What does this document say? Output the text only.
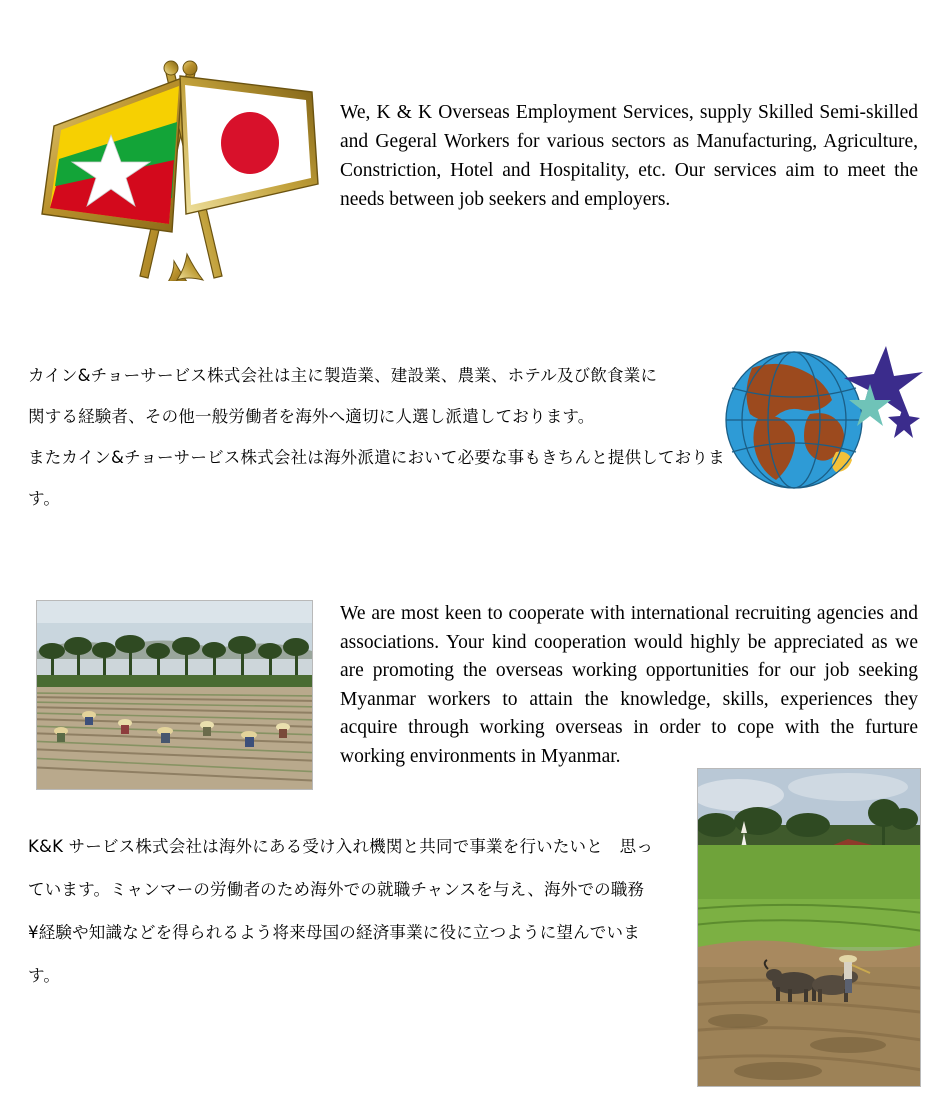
We, K & K Overseas Employment Services, supply Skilled Semi-skilled and Gegeral Workers for various sectors as Manufacturing, Agriculture, Constriction, Hotel and Hospitality, etc. Our services aim to meet the needs between job seekers and employers.
カイン&チョーサービス株式会社は主に製造業、建設業、農業、ホテル及び飲食業に
関する経験者、その他一般労働者を海外へ適切に人選し派遣しております。
またカイン&チョーサービス株式会社は海外派遣において必要な事もきちんと提供しております。
We are most keen to cooperate with international recruiting agencies and associations. Your kind cooperation would highly be appreciated as we are promoting the overseas working opportunities for our job seeking Myanmar workers to attain the knowledge, skills, experiences they acquire through working overseas in order to cope with the furture working environments in Myanmar.
K&K サービス株式会社は海外にある受け入れ機関と共同で事業を行いたいと　思っ
ています。ミャンマーの労働者のため海外での就職チャンスを与え、海外での職務
¥経験や知識などを得られるよう将来母国の経済事業に役に立つように望んでいま
す。
